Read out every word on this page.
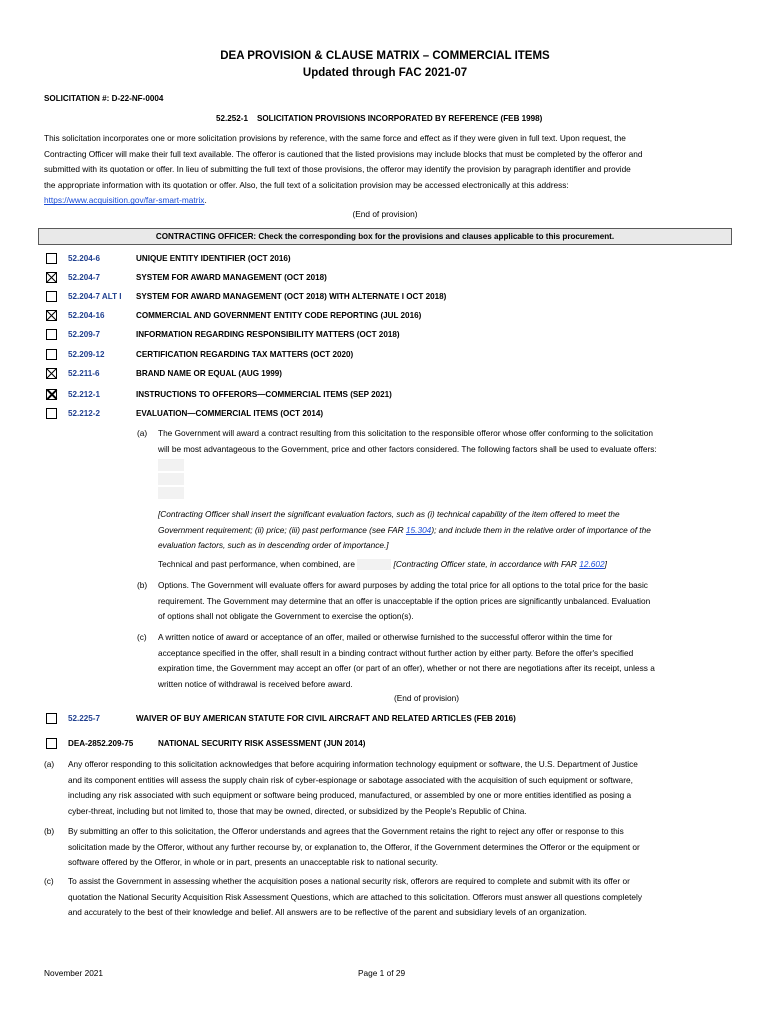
DEA PROVISION & CLAUSE MATRIX – COMMERCIAL ITEMS
Updated through FAC 2021-07
SOLICITATION #: D-22-NF-0004
52.252-1    SOLICITATION PROVISIONS INCORPORATED BY REFERENCE (FEB 1998)
This solicitation incorporates one or more solicitation provisions by reference, with the same force and effect as if they were given in full text. Upon request, the
Contracting Officer will make their full text available. The offeror is cautioned that the listed provisions may include blocks that must be completed by the offeror and
submitted with its quotation or offer. In lieu of submitting the full text of those provisions, the offeror may identify the provision by paragraph identifier and provide
the appropriate information with its quotation or offer. Also, the full text of a solicitation provision may be accessed electronically at this address:
https://www.acquisition.gov/far-smart-matrix.
(End of provision)
CONTRACTING OFFICER: Check the corresponding box for the provisions and clauses applicable to this procurement.
52.204-6	UNIQUE ENTITY IDENTIFIER (OCT 2016)
52.204-7	SYSTEM FOR AWARD MANAGEMENT (OCT 2018)
52.204-7 ALT I SYSTEM FOR AWARD MANAGEMENT (OCT 2018) WITH ALTERNATE I OCT 2018)
52.204-16	COMMERCIAL AND GOVERNMENT ENTITY CODE REPORTING (JUL 2016)
52.209-7	INFORMATION REGARDING RESPONSIBILITY MATTERS (OCT 2018)
52.209-12	CERTIFICATION REGARDING TAX MATTERS (OCT 2020)
52.211-6	BRAND NAME OR EQUAL (AUG 1999)
52.212-1	INSTRUCTIONS TO OFFERORS—COMMERCIAL ITEMS (SEP 2021)
52.212-2	EVALUATION—COMMERCIAL ITEMS (OCT 2014)
(a) The Government will award a contract resulting from this solicitation to the responsible offeror whose offer conforming to the solicitation
will be most advantageous to the Government, price and other factors considered. The following factors shall be used to evaluate offers:
[Contracting Officer shall insert the significant evaluation factors, such as (i) technical capability of the item offered to meet the
Government requirement; (ii) price; (iii) past performance (see FAR 15.304); and include them in the relative order of importance of the
evaluation factors, such as in descending order of importance.]
Technical and past performance, when combined, are	[Contracting Officer state, in accordance with FAR 12.602]
(b) Options. The Government will evaluate offers for award purposes by adding the total price for all options to the total price for the basic
requirement. The Government may determine that an offer is unacceptable if the option prices are significantly unbalanced. Evaluation
of options shall not obligate the Government to exercise the option(s).
(c) A written notice of award or acceptance of an offer, mailed or otherwise furnished to the successful offeror within the time for
acceptance specified in the offer, shall result in a binding contract without further action by either party. Before the offer's specified
expiration time, the Government may accept an offer (or part of an offer), whether or not there are negotiations after its receipt, unless a
written notice of withdrawal is received before award.
(End of provision)
52.225-7	WAIVER OF BUY AMERICAN STATUTE FOR CIVIL AIRCRAFT AND RELATED ARTICLES (FEB 2016)
DEA-2852.209-75	NATIONAL SECURITY RISK ASSESSMENT (JUN 2014)
(a) Any offeror responding to this solicitation acknowledges that before acquiring information technology equipment or software, the U.S. Department of Justice
and its component entities will assess the supply chain risk of cyber-espionage or sabotage associated with the acquisition of such equipment or software,
including any risk associated with such equipment or software being produced, manufactured, or assembled by one or more entities identified as posing a
cyber-threat, including but not limited to, those that may be owned, directed, or subsidized by the People's Republic of China.
(b) By submitting an offer to this solicitation, the Offeror understands and agrees that the Government retains the right to reject any offer or response to this
solicitation made by the Offeror, without any further recourse by, or explanation to, the Offeror, if the Government determines the Offeror or the equipment or
software offered by the Offeror, in whole or in part, presents an unacceptable risk to national security.
(c) To assist the Government in assessing whether the acquisition poses a national security risk, offerors are required to complete and submit with its offer or
quotation the National Security Acquisition Risk Assessment Questions, which are attached to this solicitation. Offerors must answer all questions completely
and accurately to the best of their knowledge and belief. All answers are to be reflective of the parent and subsidiary levels of an organization.
November 2021	Page 1 of 29
